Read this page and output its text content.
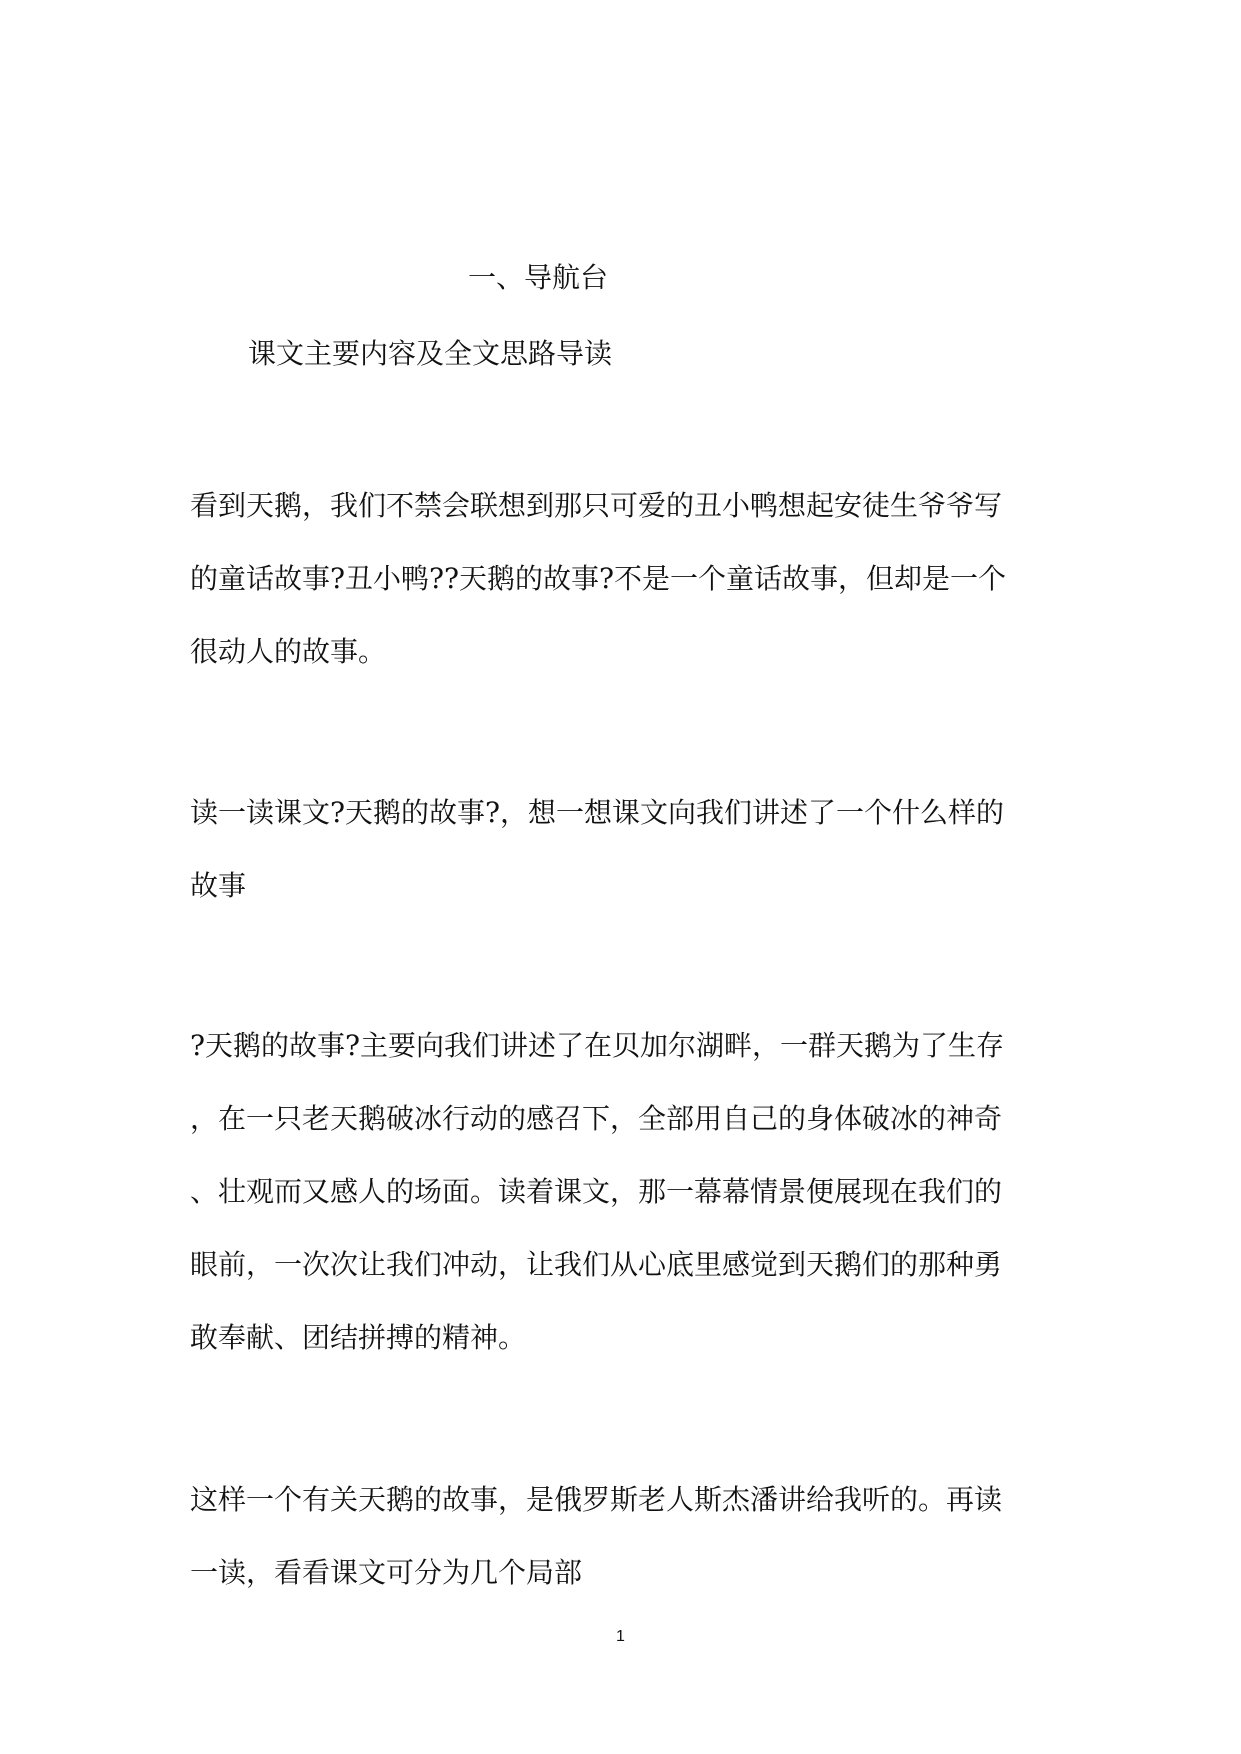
一、导航台
课文主要内容及全文思路导读

看到天鹅，我们不禁会联想到那只可爱的丑小鸭想起安徒生爷爷写
的童话故事?丑小鸭??天鹅的故事?不是一个童话故事，但却是一个
很动人的故事。

读一读课文?天鹅的故事?，想一想课文向我们讲述了一个什么样的
故事

?天鹅的故事?主要向我们讲述了在贝加尔湖畔，一群天鹅为了生存
，在一只老天鹅破冰行动的感召下，全部用自己的身体破冰的神奇
、壮观而又感人的场面。读着课文，那一幕幕情景便展现在我们的
眼前，一次次让我们冲动，让我们从心底里感觉到天鹅们的那种勇
敢奉献、团结拼搏的精神。

这样一个有关天鹅的故事，是俄罗斯老人斯杰潘讲给我听的。再读
一读，看看课文可分为几个局部

1
